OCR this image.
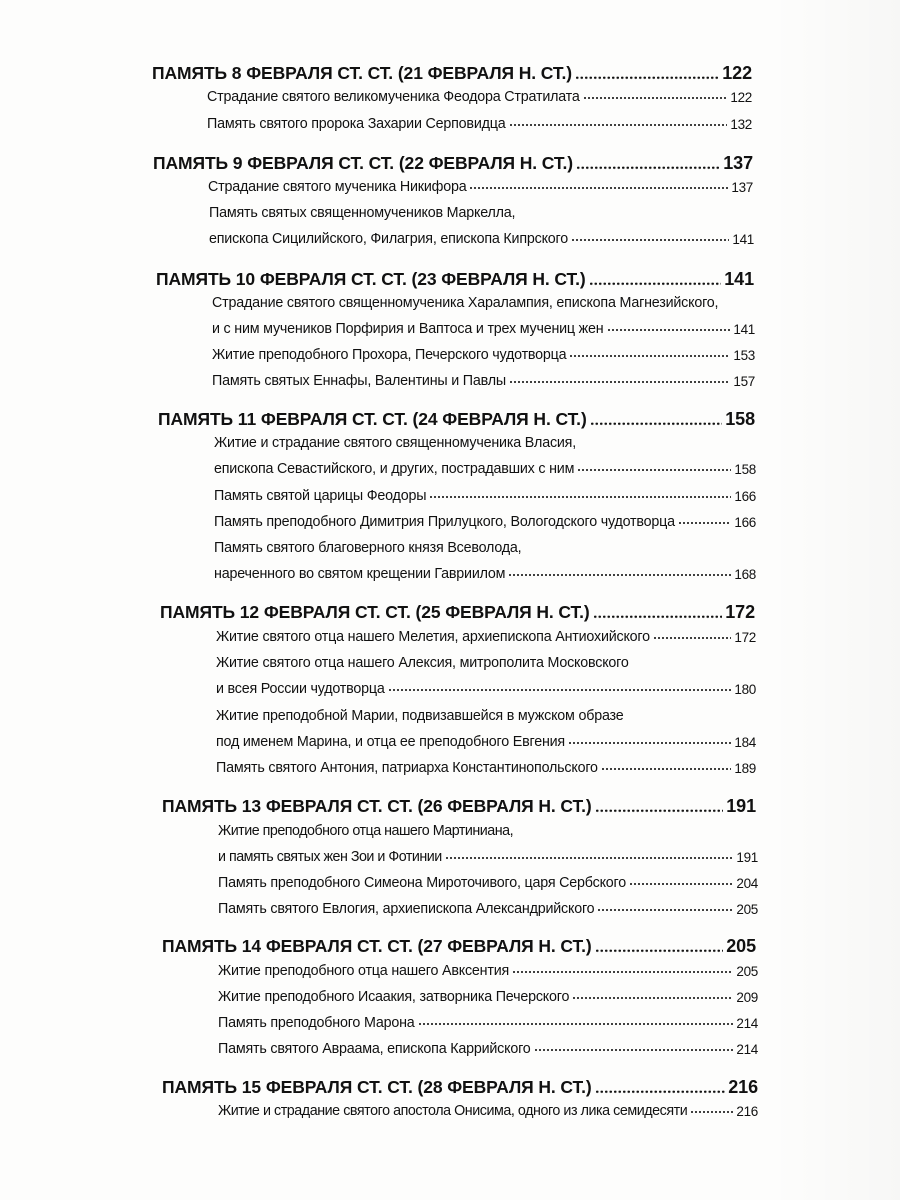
ПАМЯТЬ 8 ФЕВРАЛЯ СТ. СТ. (21 ФЕВРАЛЯ Н. СТ.)	122
Страдание святого великомученика Феодора Стратилата	122
Память святого пророка Захарии Серповидца	132
ПАМЯТЬ 9 ФЕВРАЛЯ СТ. СТ. (22 ФЕВРАЛЯ Н. СТ.)	137
Страдание святого мученика Никифора	137
Память святых священномучеников Маркелла,
епископа Сицилийского, Филагрия, епископа Кипрского	141
ПАМЯТЬ 10 ФЕВРАЛЯ СТ. СТ. (23 ФЕВРАЛЯ Н. СТ.)	141
Страдание святого священномученика Харалампия, епископа Магнезийского,
и с ним мучеников Порфирия и Ваптоса и трех мучениц жен	141
Житие преподобного Прохора, Печерского чудотворца	153
Память святых Еннафы, Валентины и Павлы	157
ПАМЯТЬ 11 ФЕВРАЛЯ СТ. СТ. (24 ФЕВРАЛЯ Н. СТ.)	158
Житие и страдание святого священномученика Власия,
епископа Севастийского, и других, пострадавших с ним	158
Память святой царицы Феодоры	166
Память преподобного Димитрия Прилуцкого, Вологодского чудотворца	166
Память святого благоверного князя Всеволода,
нареченного во святом крещении Гавриилом	168
ПАМЯТЬ 12 ФЕВРАЛЯ СТ. СТ. (25 ФЕВРАЛЯ Н. СТ.)	172
Житие святого отца нашего Мелетия, архиепископа Антиохийского	172
Житие святого отца нашего Алексия, митрополита Московского
и всея России чудотворца	180
Житие преподобной Марии, подвизавшейся в мужском образе
под именем Марина, и отца ее преподобного Евгения	184
Память святого Антония, патриарха Константинопольского	189
ПАМЯТЬ 13 ФЕВРАЛЯ СТ. СТ. (26 ФЕВРАЛЯ Н. СТ.)	191
Житие преподобного отца нашего Мартиниана,
и память святых жен Зои и Фотинии	191
Память преподобного Симеона Мироточивого, царя Сербского	204
Память святого Евлогия, архиепископа Александрийского	205
ПАМЯТЬ 14 ФЕВРАЛЯ СТ. СТ. (27 ФЕВРАЛЯ Н. СТ.)	205
Житие преподобного отца нашего Авксентия	205
Житие преподобного Исаакия, затворника Печерского	209
Память преподобного Марона	214
Память святого Авраама, епископа Каррийского	214
ПАМЯТЬ 15 ФЕВРАЛЯ СТ. СТ. (28 ФЕВРАЛЯ Н. СТ.)	216
Житие и страдание святого апостола Онисима, одного из лика семидесяти	216
